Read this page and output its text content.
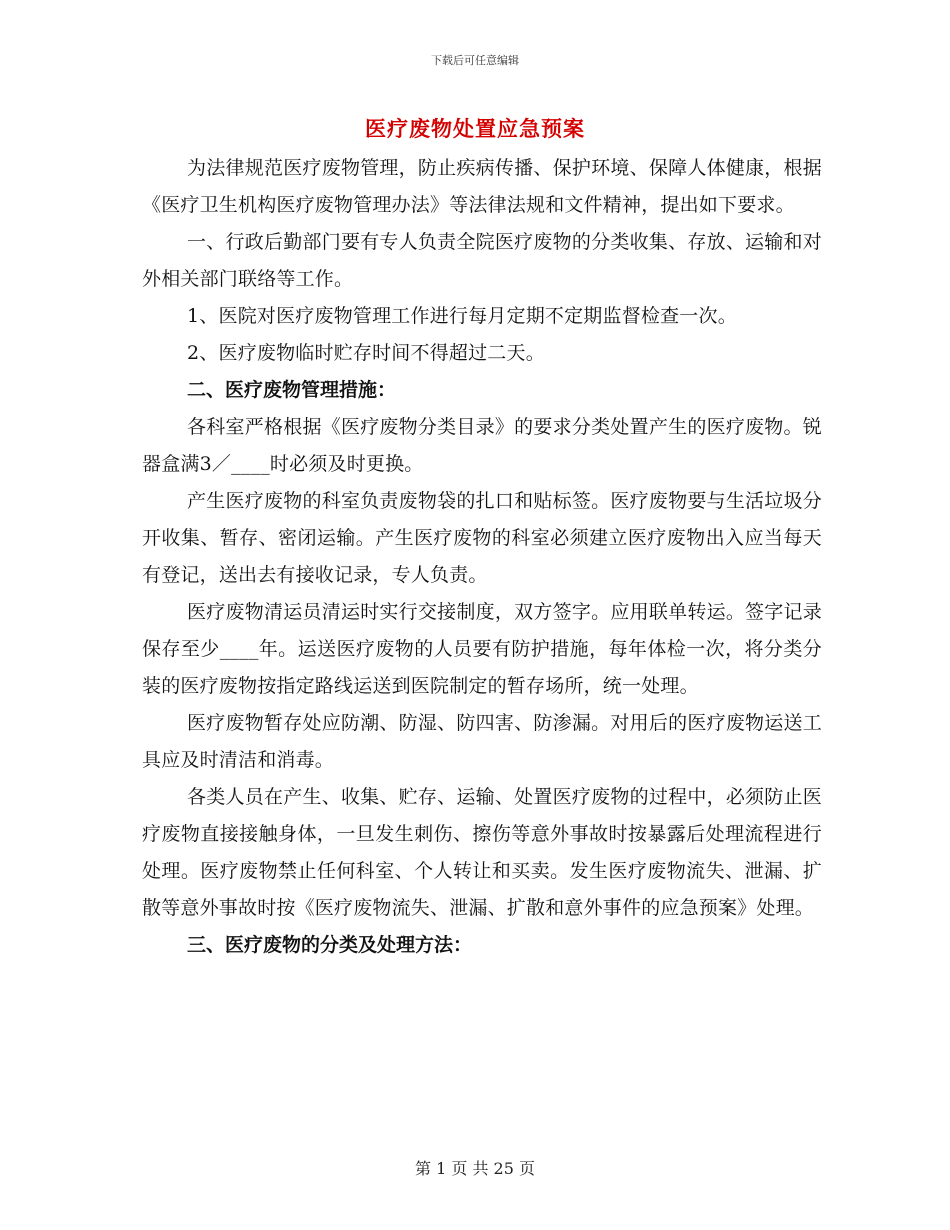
下载后可任意编辑
医疗废物处置应急预案

为法律规范医疗废物管理，防止疾病传播、保护环境、保障人体健康，根据《医疗卫生机构医疗废物管理办法》等法律法规和文件精神，提出如下要求。

一、行政后勤部门要有专人负责全院医疗废物的分类收集、存放、运输和对外相关部门联络等工作。

1、医院对医疗废物管理工作进行每月定期不定期监督检查一次。

2、医疗废物临时贮存时间不得超过二天。

二、医疗废物管理措施：

各科室严格根据《医疗废物分类目录》的要求分类处置产生的医疗废物。锐器盒满3／____时必须及时更换。

产生医疗废物的科室负责废物袋的扎口和贴标签。医疗废物要与生活垃圾分开收集、暂存、密闭运输。产生医疗废物的科室必须建立医疗废物出入应当每天有登记，送出去有接收记录，专人负责。

医疗废物清运员清运时实行交接制度，双方签字。应用联单转运。签字记录保存至少____年。运送医疗废物的人员要有防护措施，每年体检一次，将分类分装的医疗废物按指定路线运送到医院制定的暂存场所，统一处理。

医疗废物暂存处应防潮、防湿、防四害、防渗漏。对用后的医疗废物运送工具应及时清洁和消毒。

各类人员在产生、收集、贮存、运输、处置医疗废物的过程中，必须防止医疗废物直接接触身体，一旦发生刺伤、擦伤等意外事故时按暴露后处理流程进行处理。医疗废物禁止任何科室、个人转让和买卖。发生医疗废物流失、泄漏、扩散等意外事故时按《医疗废物流失、泄漏、扩散和意外事件的应急预案》处理。

三、医疗废物的分类及处理方法：

第 1 页 共 25 页
